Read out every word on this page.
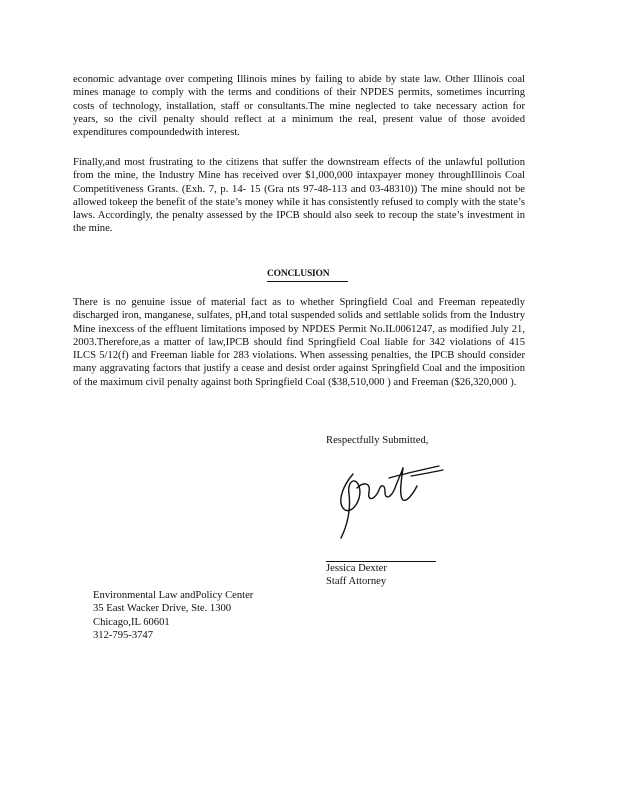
economic advantage over competing Illinois mines by failing to abide by state law. Other Illinois coal mines manage to comply with the terms and conditions of their NPDES permits, sometimes incurring costs of technology, installation, staff or consultants.The mine neglected to take necessary action for years, so the civil penalty should reflect at a minimum the real, present value of those avoided expenditures compoundedwith interest.

Finally,and most frustrating to the citizens that suffer the downstream effects of the unlawful pollution from the mine, the Industry Mine has received over $1,000,000 intaxpayer money throughIllinois Coal Competitiveness Grants. (Exh. 7, p. 14- 15 (Gra nts 97-48-113 and 03-48310)) The mine should not be allowed tokeep the benefit of the state’s money while it has consistently refused to comply with the state’s laws. Accordingly, the penalty assessed by the IPCB should also seek to recoup the state’s investment in the mine.

CONCLUSION

There is no genuine issue of material fact as to whether Springfield Coal and Freeman repeatedly discharged iron, manganese, sulfates, pH,and total suspended solids and settlable solids from the Industry Mine inexcess of the effluent limitations imposed by NPDES Permit No.IL0061247, as modified July 21, 2003.Therefore,as a matter of law,IPCB should find Springfield Coal liable for 342 violations of 415 ILCS 5/12(f) and Freeman liable for 283 violations. When assessing penalties, the IPCB should consider many aggravating factors that justify a cease and desist order against Springfield Coal and the imposition of the maximum civil penalty against both Springfield Coal ($38,510,000 ) and Freeman ($26,320,000 ).

Respectfully Submitted,
Jessica Dexter
Staff Attorney
Environmental Law andPolicy Center
35 East Wacker Drive, Ste. 1300
Chicago,IL 60601
312-795-3747
